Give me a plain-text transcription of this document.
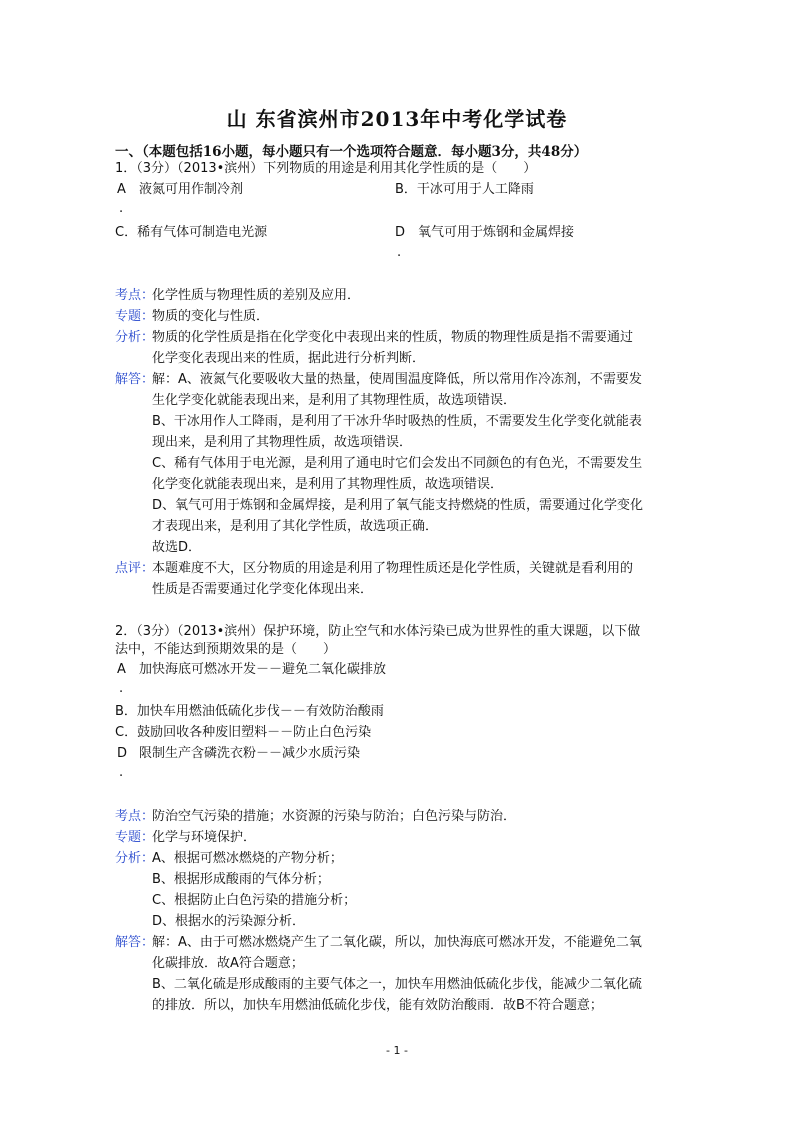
山 东省滨州市2013年中考化学试卷
一、（本题包括16小题，每小题只有一个选项符合题意．每小题3分，共48分）
1．（3分）（2013•滨州）下列物质的用途是利用其化学性质的是（　　）
A 液氮可用作制冷剂
.
B．干冰可用于人工降雨
C．稀有气体可制造电光源	D 氧气可用于炼钢和金属焊接
.
考点：
化学性质与物理性质的差别及应用．
专题：
物质的变化与性质．
分析：
物质的化学性质是指在化学变化中表现出来的性质，物质的物理性质是指不需要通过
化学变化表现出来的性质，据此进行分析判断．
解答：
解：A、液氮气化要吸收大量的热量，使周围温度降低，所以常用作冷冻剂，不需要发
生化学变化就能表现出来，是利用了其物理性质，故选项错误．
B、干冰用作人工降雨，是利用了干冰升华时吸热的性质，不需要发生化学变化就能表
现出来，是利用了其物理性质，故选项错误．
C、稀有气体用于电光源，是利用了通电时它们会发出不同颜色的有色光，不需要发生
化学变化就能表现出来，是利用了其物理性质，故选项错误．
D、氧气可用于炼钢和金属焊接，是利用了氧气能支持燃烧的性质，需要通过化学变化
才表现出来，是利用了其化学性质，故选项正确．
故选D．
点评：
本题难度不大，区分物质的用途是利用了物理性质还是化学性质，关键就是看利用的
性质是否需要通过化学变化体现出来．
2．（3分）（2013•滨州）保护环境，防止空气和水体污染已成为世界性的重大课题，以下做
法中，不能达到预期效果的是（　　）
A 加快海底可燃冰开发－－避免二氧化碳排放
.
B．加快车用燃油低硫化步伐－－有效防治酸雨
C．鼓励回收各种废旧塑料－－防止白色污染
D 限制生产含磷洗衣粉－－减少水质污染
.
考点：
防治空气污染的措施；水资源的污染与防治；白色污染与防治．
专题：
化学与环境保护．
分析：
A、根据可燃冰燃烧的产物分析；
B、根据形成酸雨的气体分析；
C、根据防止白色污染的措施分析；
D、根据水的污染源分析．
解答：
解：A、由于可燃冰燃烧产生了二氧化碳，所以，加快海底可燃冰开发，不能避免二氧
化碳排放．故A符合题意；
B、二氧化硫是形成酸雨的主要气体之一，加快车用燃油低硫化步伐，能减少二氧化硫
的排放．所以，加快车用燃油低硫化步伐，能有效防治酸雨．故B不符合题意；
- 1 -
